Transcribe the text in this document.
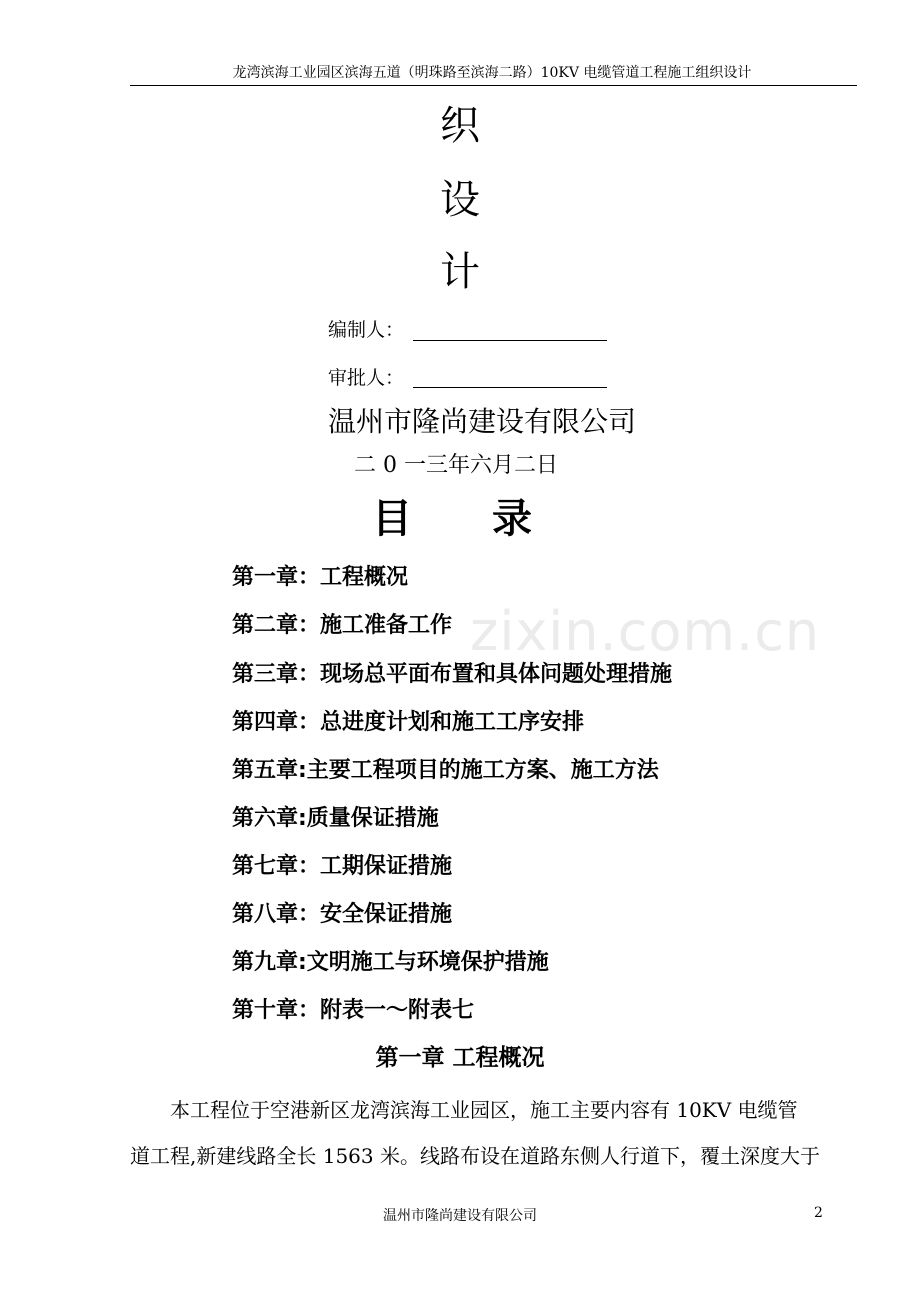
龙湾滨海工业园区滨海五道（明珠路至滨海二路）10KV 电缆管道工程施工组织设计
zixin.com.cn
织
设
计
编制人：
审批人：
温州市隆尚建设有限公司
二 0 一三年六月二日
目　　录
第一章：工程概况
第二章：施工准备工作
第三章：现场总平面布置和具体问题处理措施
第四章：总进度计划和施工工序安排
第五章:主要工程项目的施工方案、施工方法
第六章:质量保证措施
第七章：工期保证措施
第八章：安全保证措施
第九章:文明施工与环境保护措施
第十章：附表一～附表七
第一章 工程概况
　　本工程位于空港新区龙湾滨海工业园区，施工主要内容有 10KV 电缆管
道工程,新建线路全长 1563 米。线路布设在道路东侧人行道下，覆土深度大于
温州市隆尚建设有限公司	2
